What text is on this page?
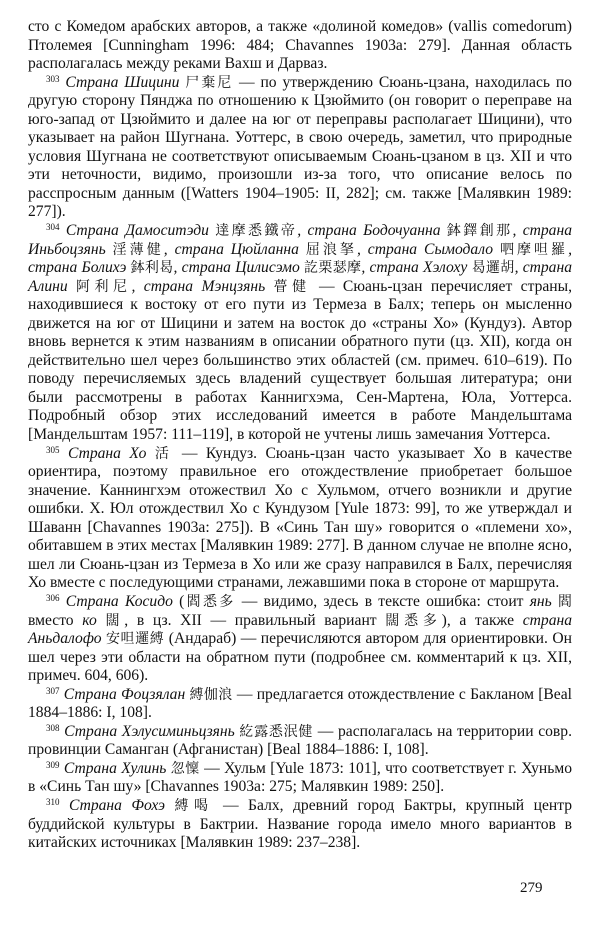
сто с Комедом арабских авторов, а также «долиной комедов» (vallis comedorum) Птолемея [Cunningham 1996: 484; Chavannes 1903a: 279]. Данная область располагалась между реками Вахш и Дарваз.

$^{303}$ Страна Шицини 尸棄尼 — по утверждению Сюань-цзана, находилась по другую сторону Пянджа по отношению к Цзюймито (он говорит о переправе на юго-запад от Цзюймито и далее на юг от переправы располагает Шицини), что указывает на район Шугнана. Уоттерс, в свою очередь, заметил, что природные условия Шугнана не соответствуют описываемым Сюань-цзаном в цз. XII и что эти неточности, видимо, произошли из-за того, что описание велось по расспросным данным ([Watters 1904–1905: II, 282]; см. также [Малявкин 1989: 277]).

$^{304}$ Страна Дамоситэди 達摩悉鐵帝, страна Бодочуанна 鉢鐸創那, страна Иньбоцзянь 淫薄健, страна Цюйланна 屈浪拏, страна Сымодало 呬摩呾羅, страна Болихэ 鉢利曷, страна Цилисэмо 訖栗瑟摩, страна Хэлоху 曷邏胡, страна Алини 阿利尼, страна Мэнцзянь 瞢健 — Сюань-цзан перечисляет страны, находившиеся к востоку от его пути из Термеза в Балх; теперь он мысленно движется на юг от Шицини и затем на восток до «страны Хо» (Кундуз). Автор вновь вернется к этим названиям в описании обратного пути (цз. XII), когда он действительно шел через большинство этих областей (см. примеч. 610–619). По поводу перечисляемых здесь владений существует большая литература; они были рассмотрены в работах Каннигхэма, Сен-Мартена, Юла, Уоттерса. Подробный обзор этих исследований имеется в работе Мандельштама [Мандельштам 1957: 111–119], в которой не учтены лишь замечания Уоттерса.

$^{305}$ Страна Хо 活 — Кундуз. Сюань-цзан часто указывает Хо в качестве ориентира, поэтому правильное его отождествление приобретает большое значение. Каннингхэм отожествил Хо с Хульмом, отчего возникли и другие ошибки. Х. Юл отождествил Хо с Кундузом [Yule 1873: 99], то же утверждал и Шаванн [Chavannes 1903a: 275]). В «Синь Тан шу» говорится о «племени хо», обитавшем в этих местах [Малявкин 1989: 277]. В данном случае не вполне ясно, шел ли Сюань-цзан из Термеза в Хо или же сразу направился в Балх, перечисляя Хо вместе с последующими странами, лежавшими пока в стороне от маршрута.

$^{306}$ Страна Косидо (閻悉多 — видимо, здесь в тексте ошибка: стоит янь 閻 вместо ко 闊, в цз. XII — правильный вариант 闊悉多), а также страна Аньдалофо 安呾邏縛 (Андараб) — перечисляются автором для ориентировки. Он шел через эти области на обратном пути (подробнее см. комментарий к цз. XII, примеч. 604, 606).

$^{307}$ Страна Фоцзялан 縛伽浪 — предлагается отождествление с Бакланом [Beal 1884–1886: I, 108].

$^{308}$ Страна Хэлусиминьцзянь 紇露悉泯健 — располагалась на территории совр. провинции Саманган (Афганистан) [Beal 1884–1886: I, 108].

$^{309}$ Страна Хулинь 忽懍 — Хульм [Yule 1873: 101], что соответствует г. Хуньмо в «Синь Тан шу» [Chavannes 1903a: 275; Малявкин 1989: 250].

$^{310}$ Страна Фохэ 縛喝 — Балх, древний город Бактры, крупный центр буддийской культуры в Бактрии. Название города имело много вариантов в китайских источниках [Малявкин 1989: 237–238].

279
